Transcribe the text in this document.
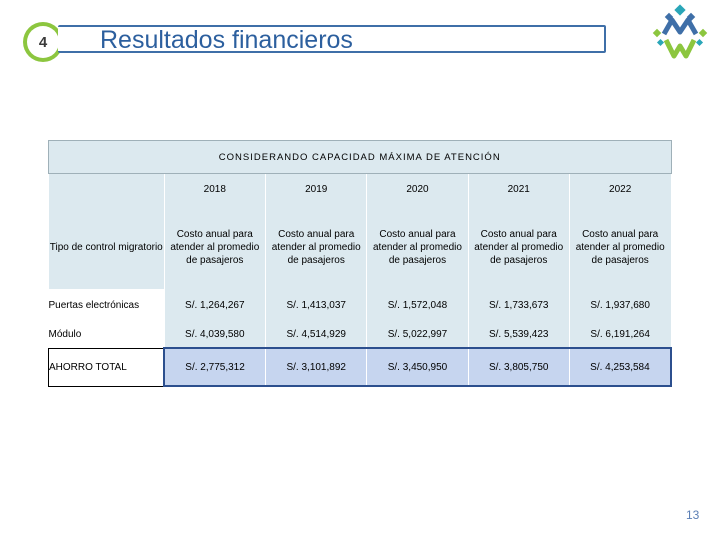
4	Resultados financieros
CONSIDERANDO CAPACIDAD MÁXIMA DE ATENCIÓN					
	2018	2019	2020	2021	2022
Tipo de control migratorio	Costo anual para atender al promedio de pasajeros	Costo anual para atender al promedio de pasajeros	Costo anual para atender al promedio de pasajeros	Costo anual para atender al promedio de pasajeros	Costo anual para atender al promedio de pasajeros
Puertas electrónicas	S/. 1,264,267	S/. 1,413,037	S/. 1,572,048	S/. 1,733,673	S/. 1,937,680
Módulo	S/. 4,039,580	S/. 4,514,929	S/. 5,022,997	S/. 5,539,423	S/. 6,191,264
AHORRO TOTAL	S/. 2,775,312	S/. 3,101,892	S/. 3,450,950	S/. 3,805,750	S/. 4,253,584
13
